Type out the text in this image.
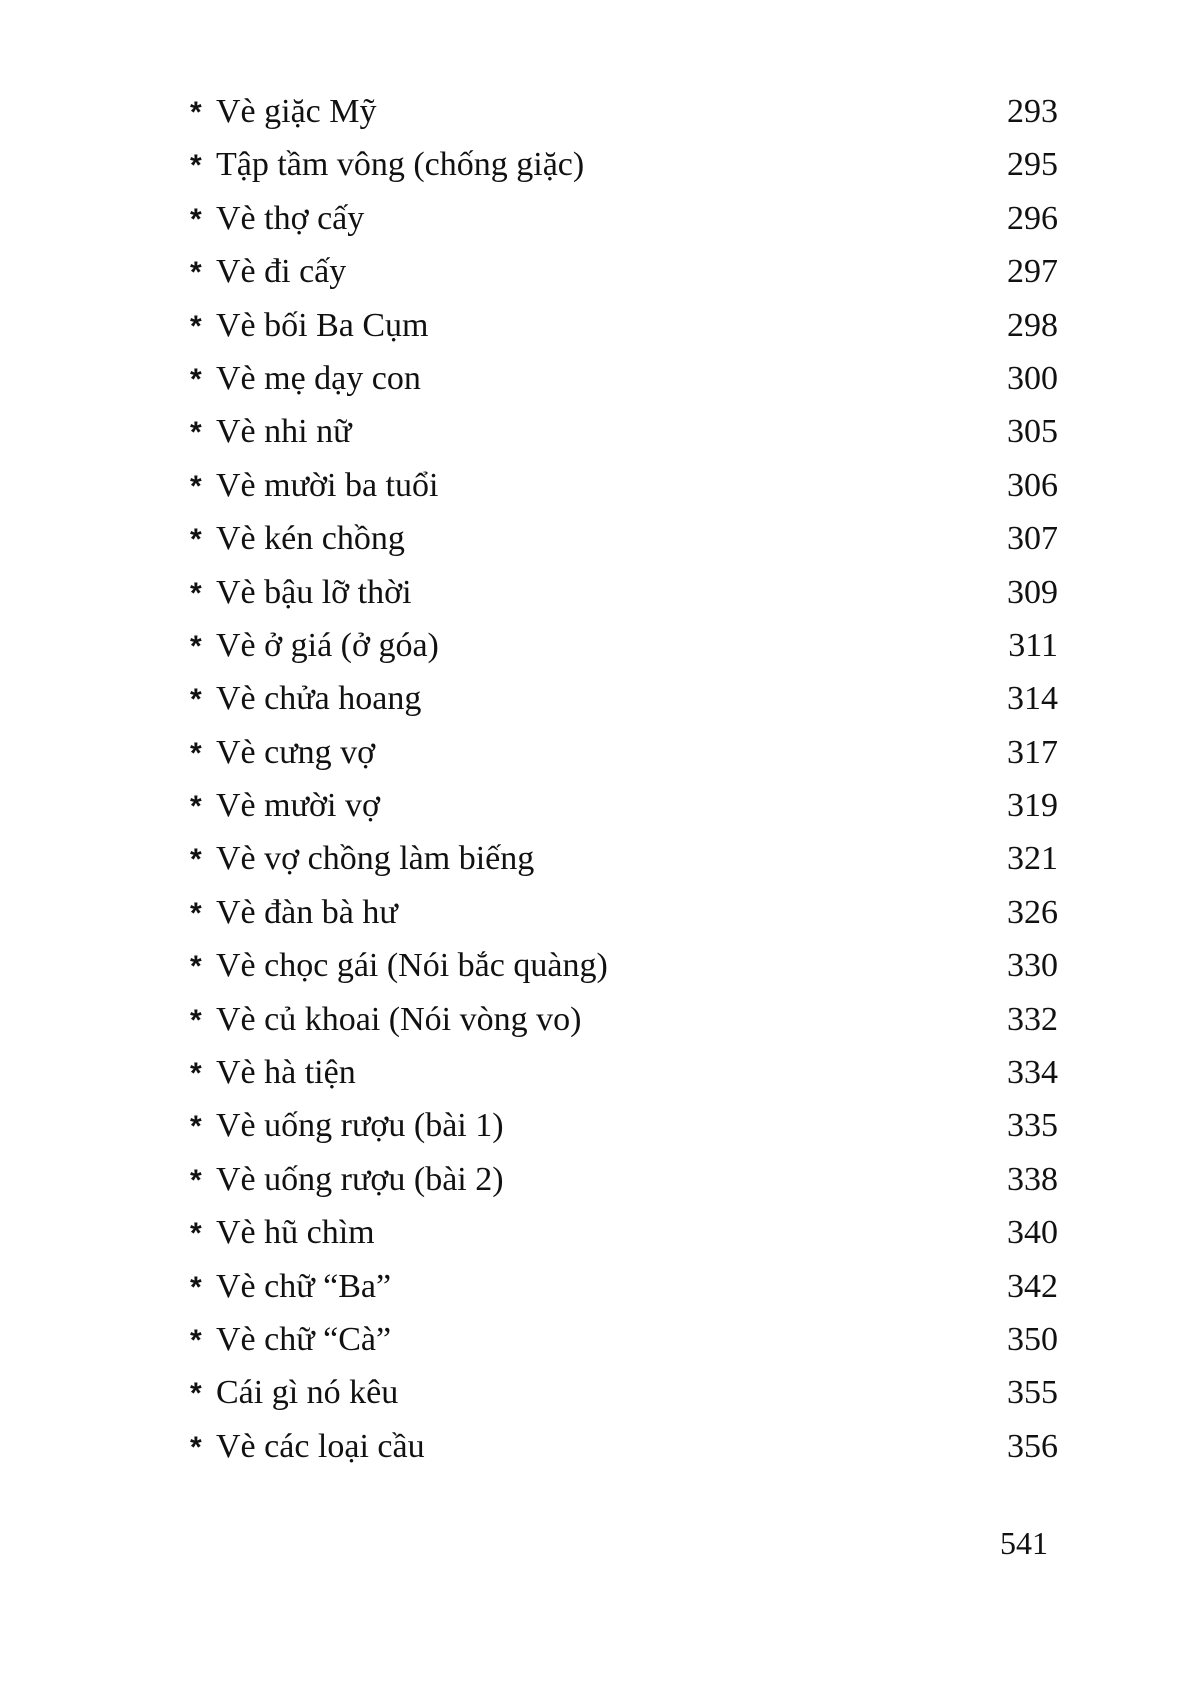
* Vè giặc Mỹ	293
* Tập tầm vông (chống giặc)	295
* Vè thợ cấy	296
* Vè đi cấy	297
* Vè bối Ba Cụm	298
* Vè mẹ dạy con	300
* Vè nhi nữ	305
* Vè mười ba tuổi	306
* Vè kén chồng	307
* Vè bậu lỡ thời	309
* Vè ở giá (ở góa)	311
* Vè chửa hoang	314
* Vè cưng vợ	317
* Vè mười vợ	319
* Vè vợ chồng làm biếng	321
* Vè đàn bà hư	326
* Vè chọc gái (Nói bắc quàng)	330
* Vè củ khoai (Nói vòng vo)	332
* Vè hà tiện	334
* Vè uống rượu (bài 1)	335
* Vè uống rượu (bài 2)	338
* Vè hũ chìm	340
* Vè chữ “Ba”	342
* Vè chữ “Cà”	350
* Cái gì nó kêu	355
* Vè các loại cầu	356
541
